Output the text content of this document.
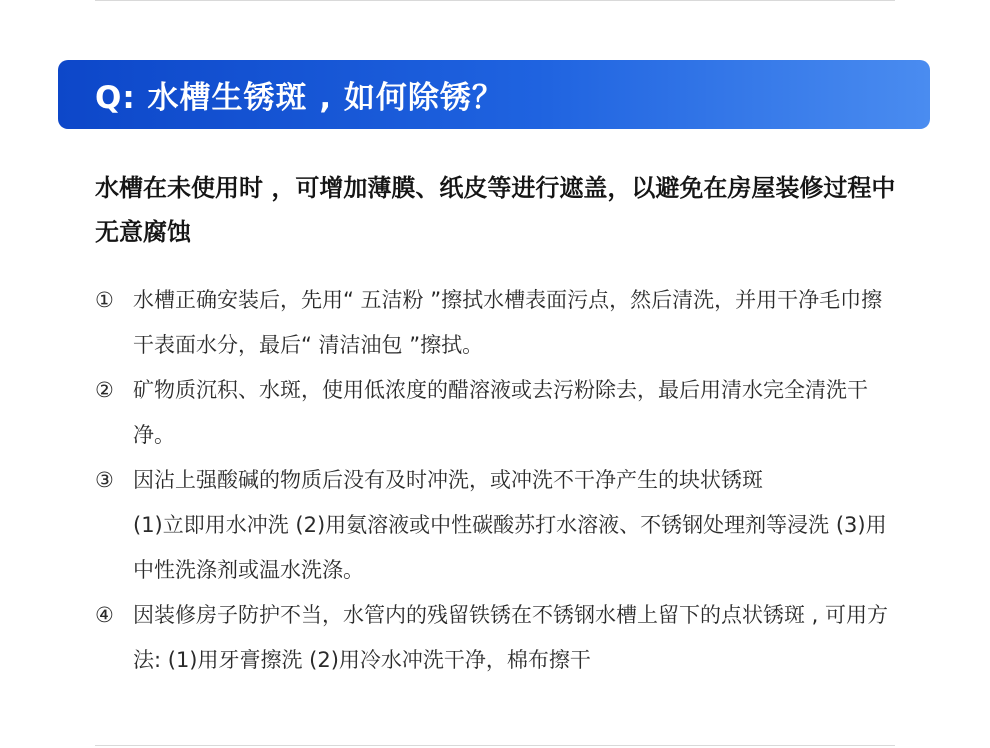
Q: 水槽生锈斑 , 如何除锈？
水槽在未使用时 ，可增加薄膜、纸皮等进行遮盖，以避免在房屋装修过程中无意腐蚀
① 水槽正确安装后，先用“ 五洁粉 ”擦拭水槽表面污点，然后清洗，并用干净毛巾擦干表面水分，最后“ 清洁油包 ”擦拭。
② 矿物质沉积、水斑，使用低浓度的醋溶液或去污粉除去，最后用清水完全清洗干净。
③ 因沾上强酸碱的物质后没有及时冲洗，或冲洗不干净产生的块状锈斑
(1)立即用水冲洗 (2)用氨溶液或中性碳酸苏打水溶液、不锈钢处理剂等浸洗 (3)用中性洗涤剂或温水洗涤。
④ 因装修房子防护不当，水管内的残留铁锈在不锈钢水槽上留下的点状锈斑 , 可用方法: (1)用牙膏擦洗 (2)用冷水冲洗干净，棉布擦干
